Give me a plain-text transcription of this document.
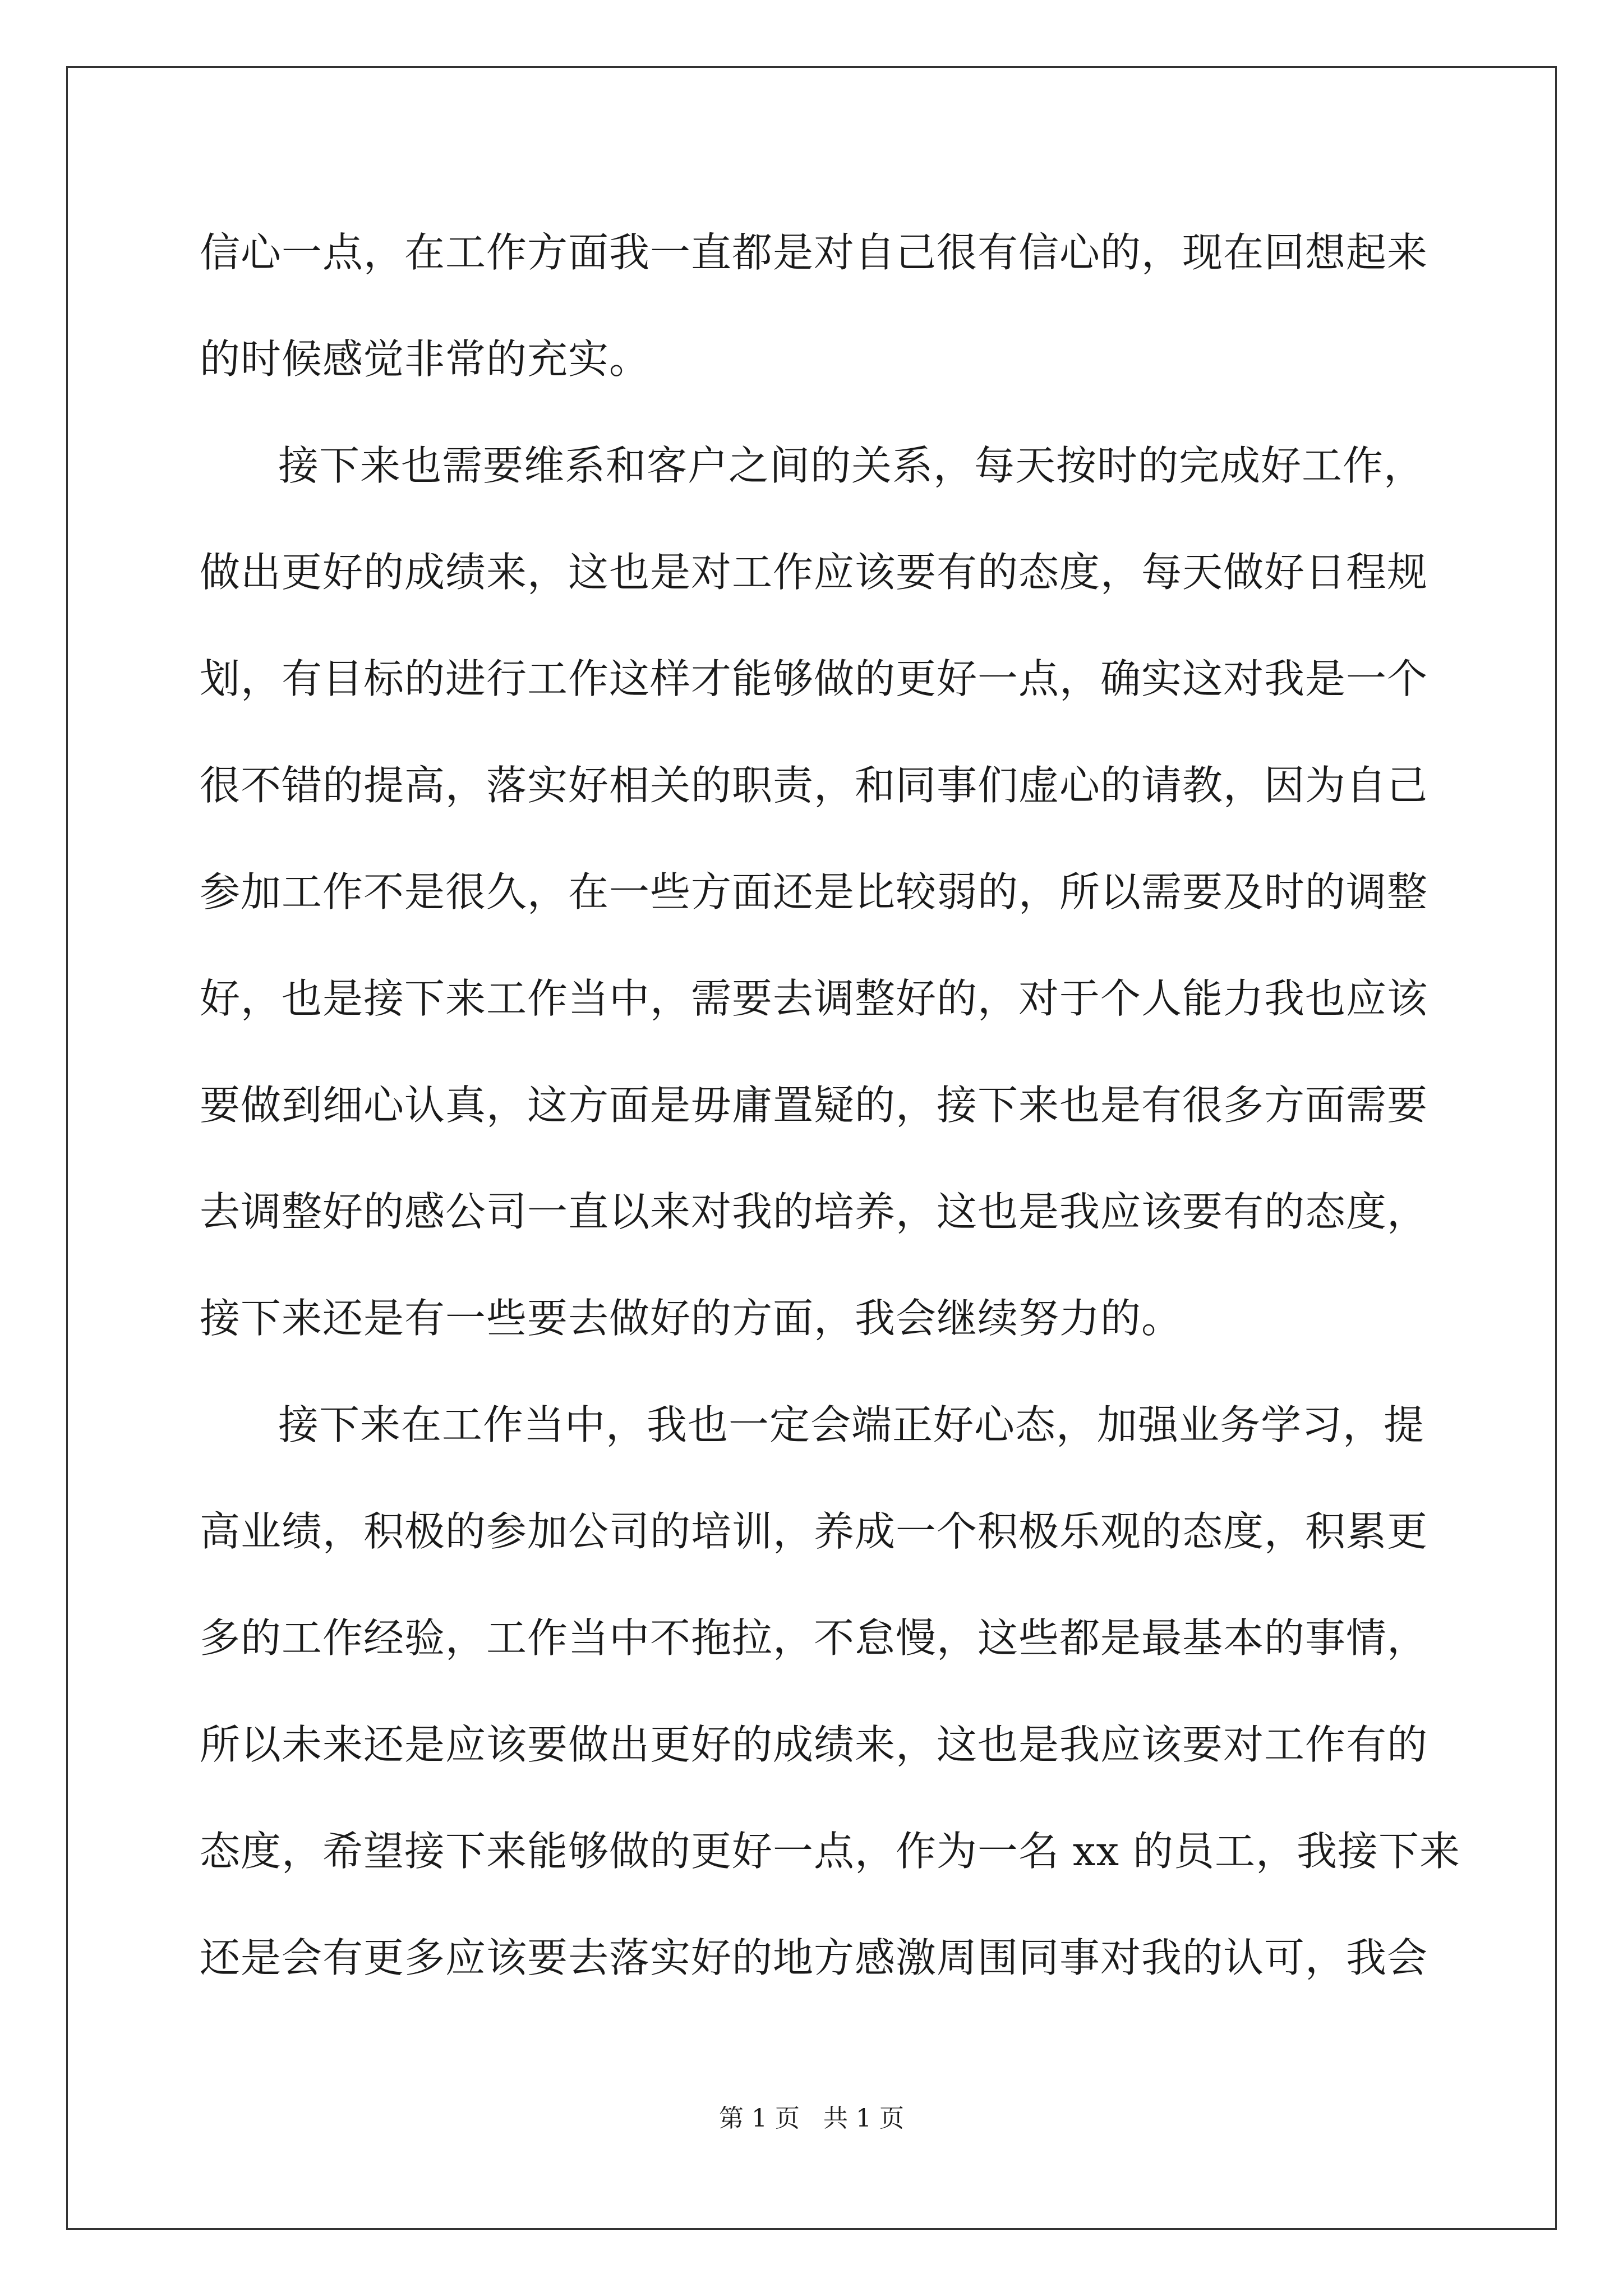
信心一点，在工作方面我一直都是对自己很有信心的，现在回想起来
的时候感觉非常的充实。
接下来也需要维系和客户之间的关系，每天按时的完成好工作，
做出更好的成绩来，这也是对工作应该要有的态度，每天做好日程规
划，有目标的进行工作这样才能够做的更好一点，确实这对我是一个
很不错的提高，落实好相关的职责，和同事们虚心的请教，因为自己
参加工作不是很久，在一些方面还是比较弱的，所以需要及时的调整
好，也是接下来工作当中，需要去调整好的，对于个人能力我也应该
要做到细心认真，这方面是毋庸置疑的，接下来也是有很多方面需要
去调整好的感公司一直以来对我的培养，这也是我应该要有的态度，
接下来还是有一些要去做好的方面，我会继续努力的。
接下来在工作当中，我也一定会端正好心态，加强业务学习，提
高业绩，积极的参加公司的培训，养成一个积极乐观的态度，积累更
多的工作经验，工作当中不拖拉，不怠慢，这些都是最基本的事情，
所以未来还是应该要做出更好的成绩来，这也是我应该要对工作有的
态度，希望接下来能够做的更好一点，作为一名 xx 的员工，我接下来
还是会有更多应该要去落实好的地方感激周围同事对我的认可，我会
第 1 页 共 1 页
